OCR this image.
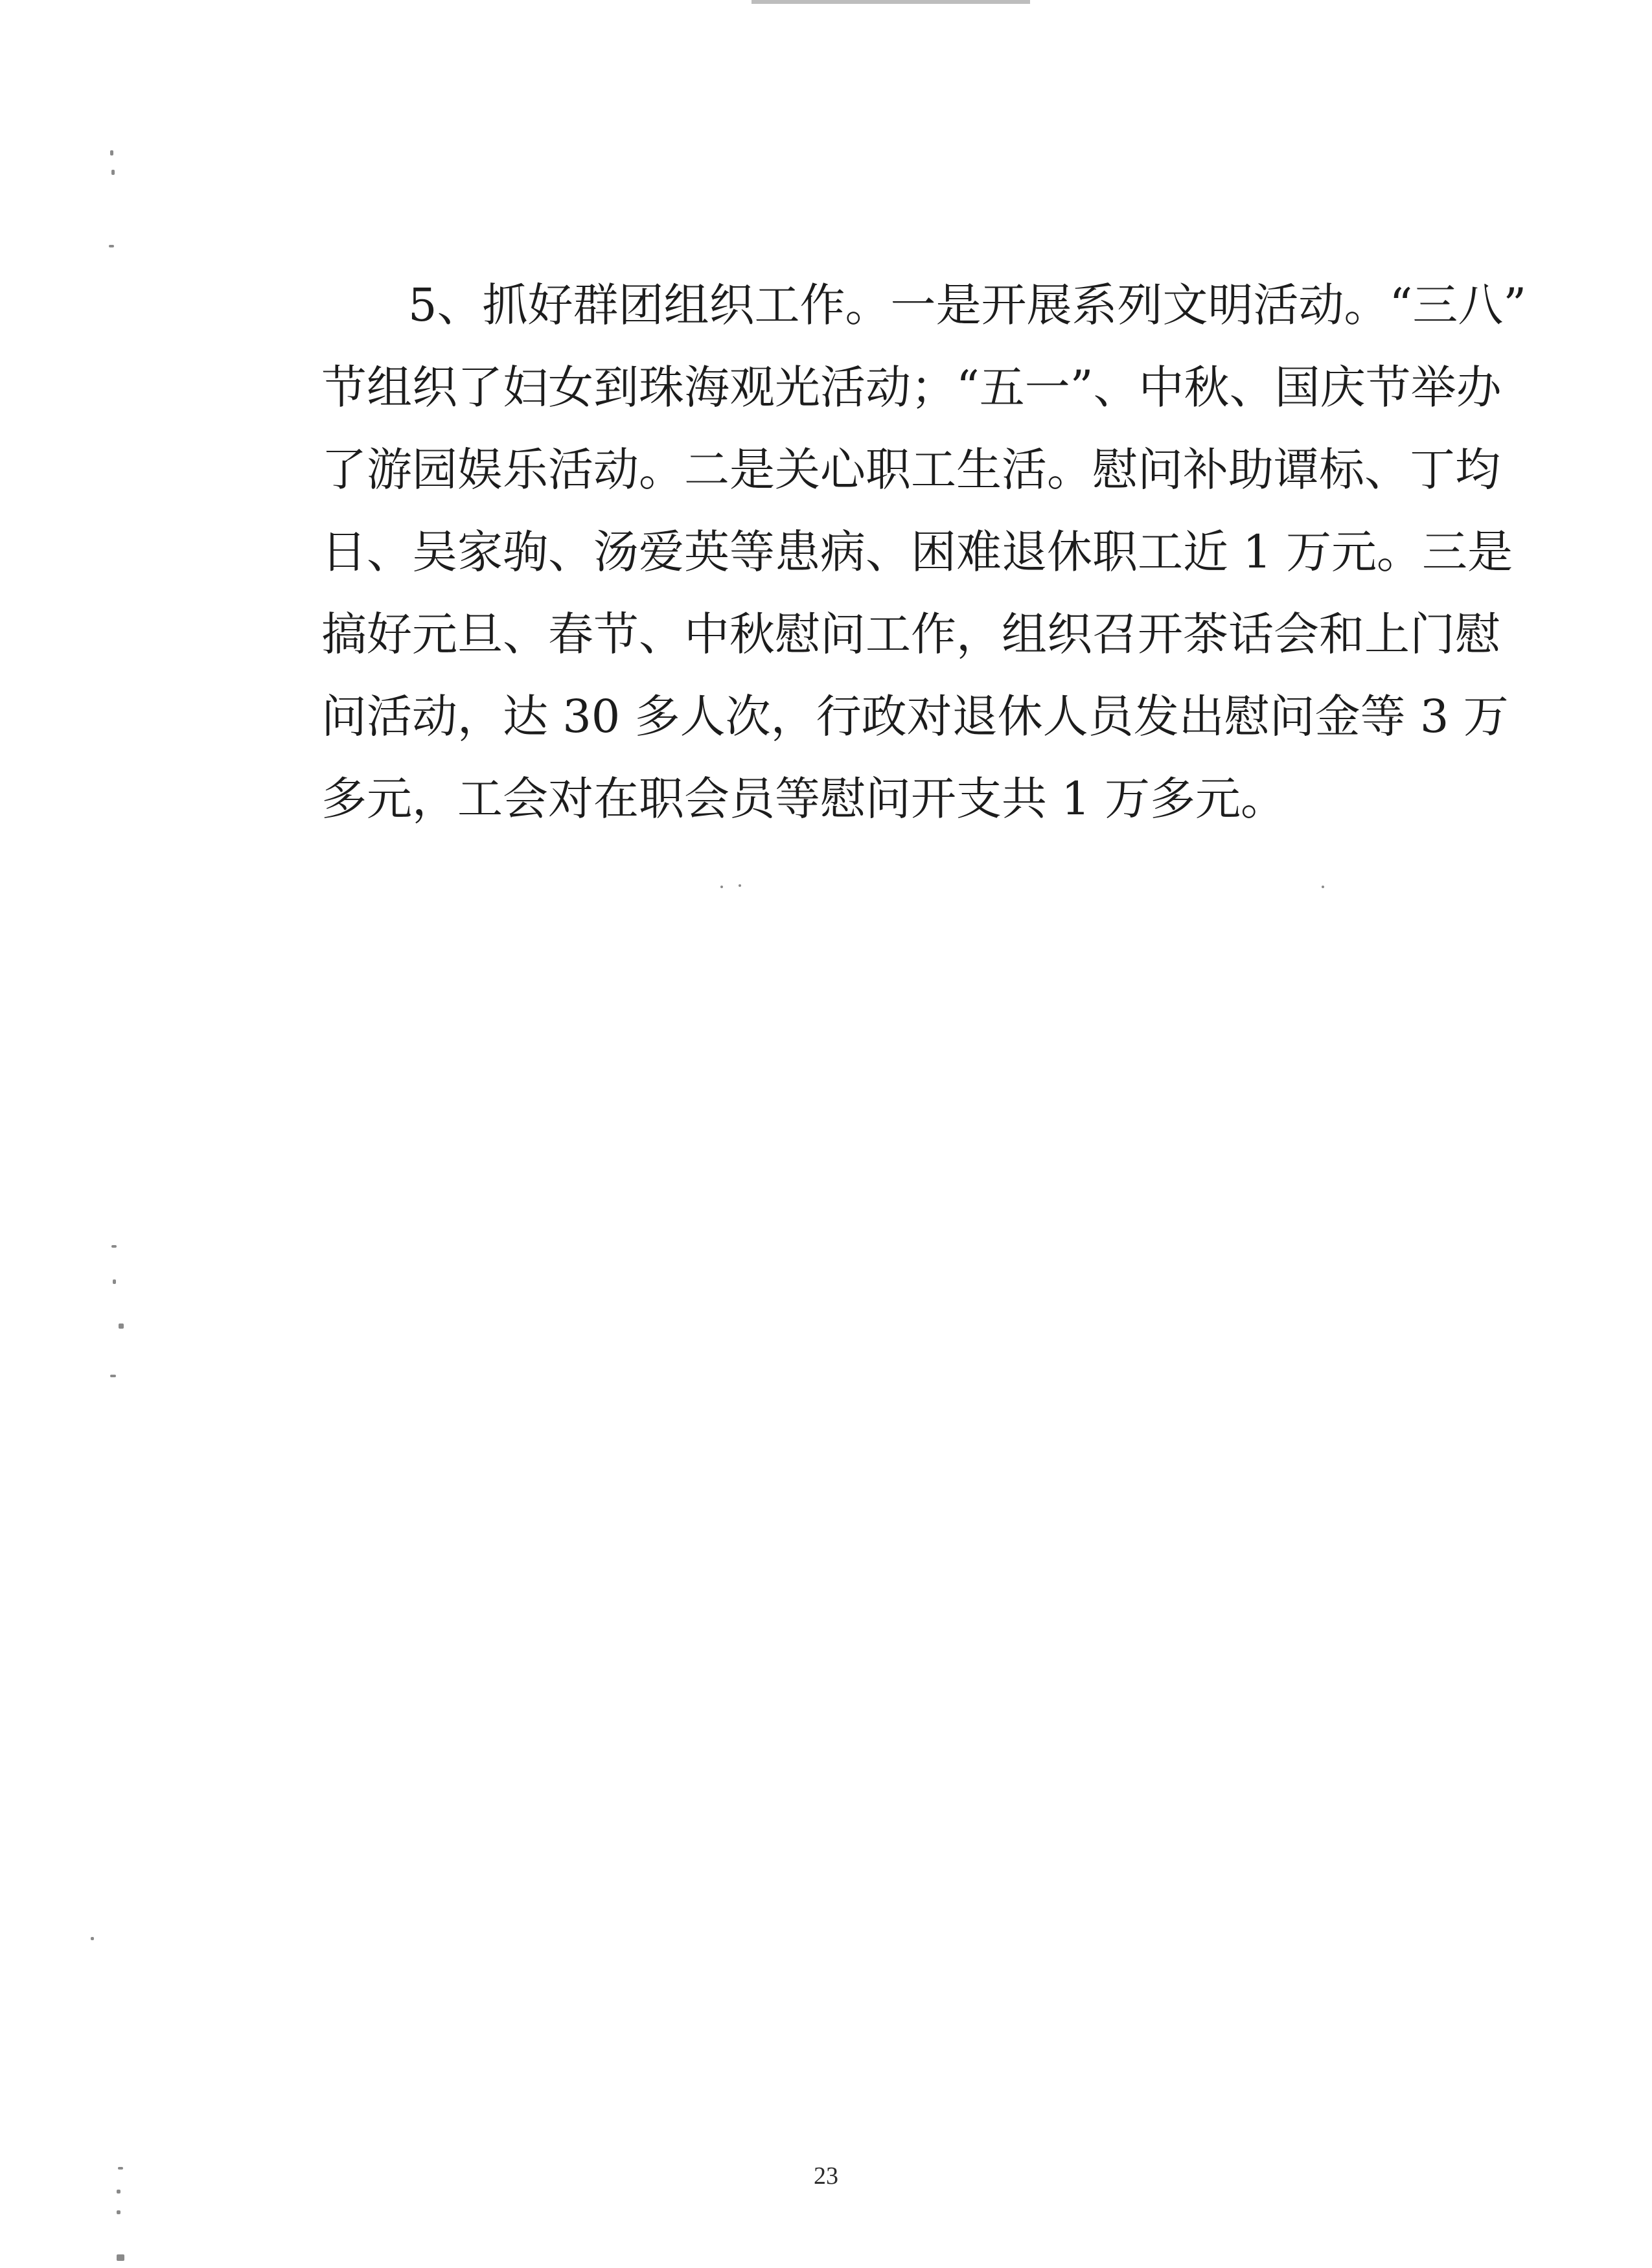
5、抓好群团组织工作。一是开展系列文明活动。“三八”
节组织了妇女到珠海观光活动；“五一”、中秋、国庆节举办
了游园娱乐活动。二是关心职工生活。慰问补助谭标、丁均
日、吴家驹、汤爱英等患病、困难退休职工近 1 万元。三是
搞好元旦、春节、中秋慰问工作，组织召开茶话会和上门慰
问活动，达 30 多人次，行政对退休人员发出慰问金等 3 万
多元，工会对在职会员等慰问开支共 1 万多元。
23
